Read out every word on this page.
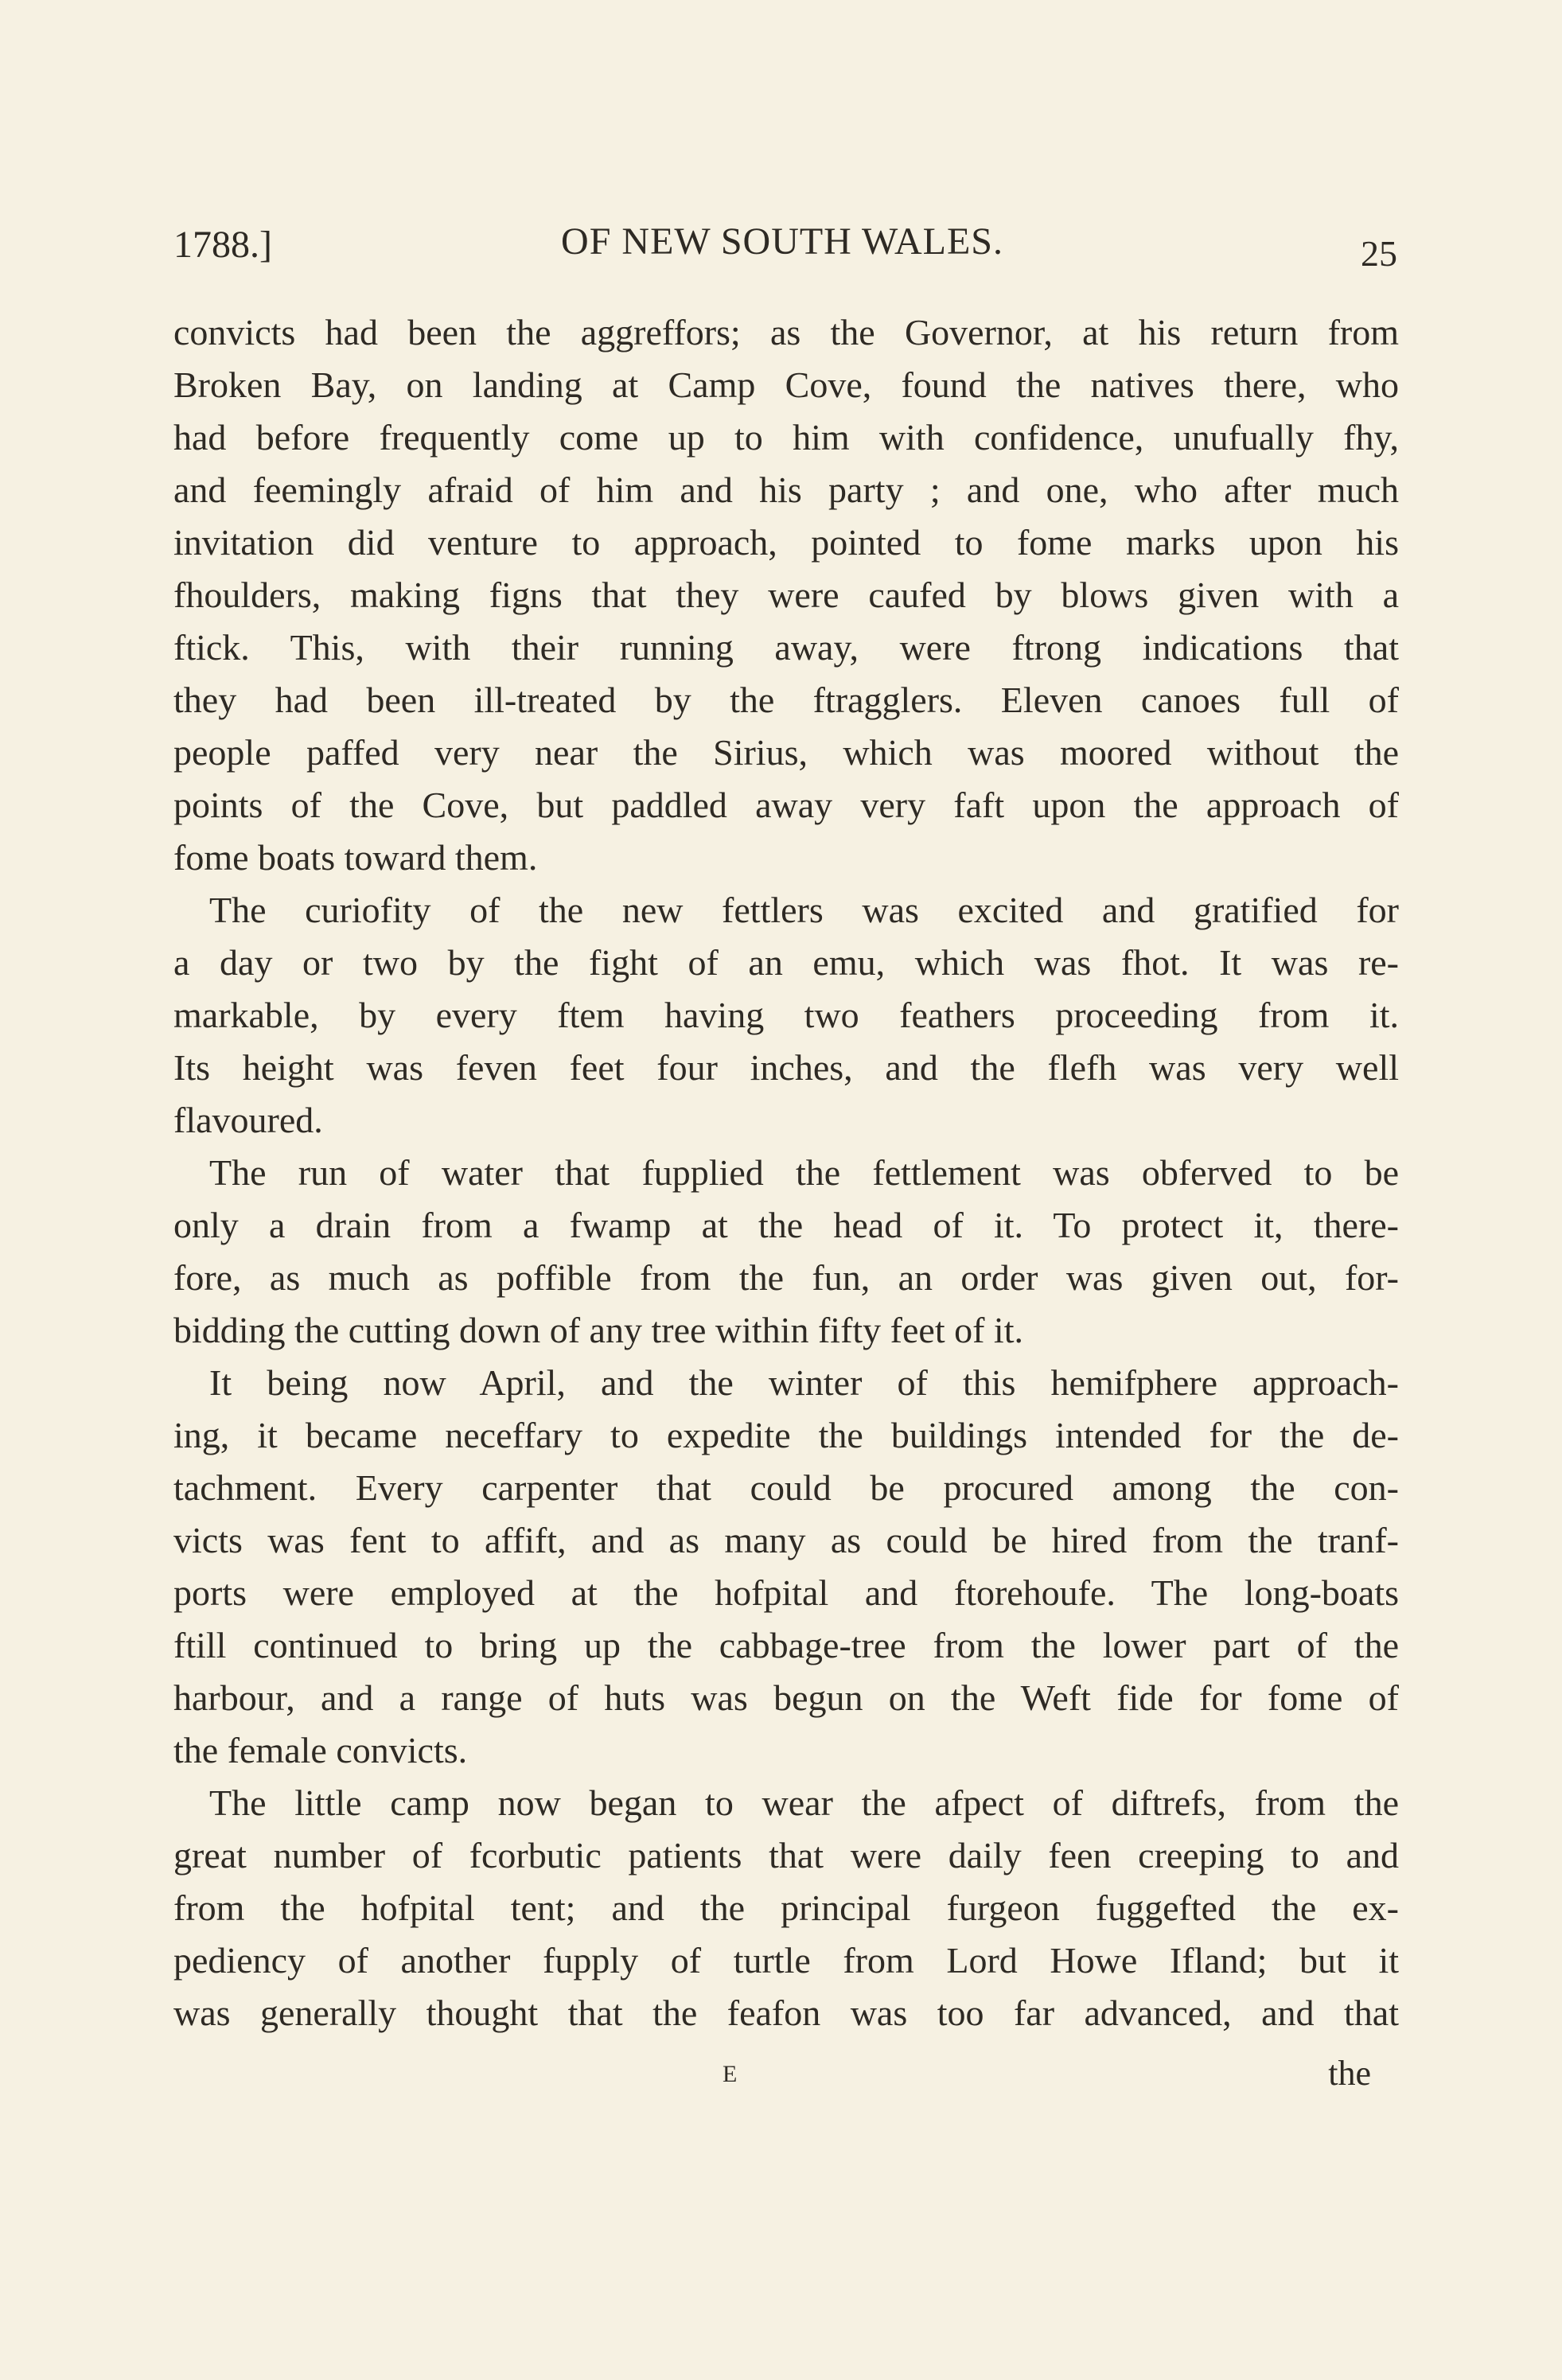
1788.]	OF NEW SOUTH WALES.	25
convicts had been the aggreffors; as the Governor, at his return from
Broken Bay, on landing at Camp Cove, found the natives there, who
had before frequently come up to him with confidence, unufually fhy,
and feemingly afraid of him and his party ; and one, who after much
invitation did venture to approach, pointed to fome marks upon his
fhoulders, making figns that they were caufed by blows given with a
ftick. This, with their running away, were ftrong indications that
they had been ill-treated by the ftragglers. Eleven canoes full of
people paffed very near the Sirius, which was moored without the
points of the Cove, but paddled away very faft upon the approach of
fome boats toward them.
The curiofity of the new fettlers was excited and gratified for
a day or two by the fight of an emu, which was fhot. It was re-
markable, by every ftem having two feathers proceeding from it.
Its height was feven feet four inches, and the flefh was very well
flavoured.
The run of water that fupplied the fettlement was obferved to be
only a drain from a fwamp at the head of it. To protect it, there-
fore, as much as poffible from the fun, an order was given out, for-
bidding the cutting down of any tree within fifty feet of it.
It being now April, and the winter of this hemifphere approach-
ing, it became neceffary to expedite the buildings intended for the de-
tachment. Every carpenter that could be procured among the con-
victs was fent to affift, and as many as could be hired from the tranf-
ports were employed at the hofpital and ftorehoufe. The long-boats
ftill continued to bring up the cabbage-tree from the lower part of the
harbour, and a range of huts was begun on the Weft fide for fome of
the female convicts.
The little camp now began to wear the afpect of diftrefs, from the
great number of fcorbutic patients that were daily feen creeping to and
from the hofpital tent; and the principal furgeon fuggefted the ex-
pediency of another fupply of turtle from Lord Howe Ifland; but it
was generally thought that the feafon was too far advanced, and that
E	the
